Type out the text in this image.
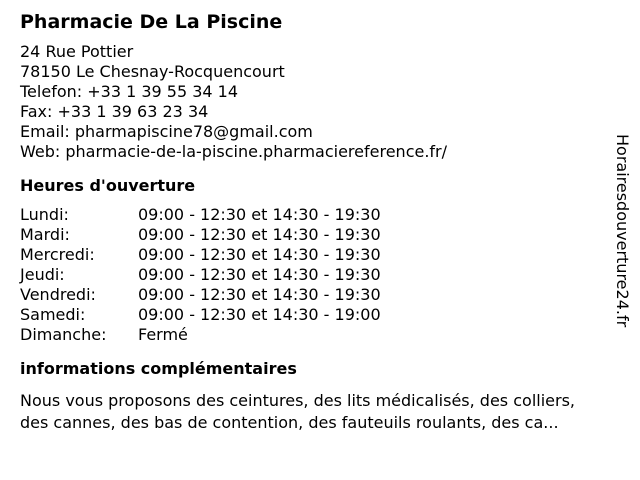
Pharmacie De La Piscine
24 Rue Pottier
78150 Le Chesnay-Rocquencourt
Telefon: +33 1 39 55 34 14
Fax: +33 1 39 63 23 34
Email: pharmapiscine78@gmail.com
Web: pharmacie-de-la-piscine.pharmaciereference.fr/
Heures d'ouverture
Lundi:	09:00 - 12:30 et 14:30 - 19:30
Mardi:	09:00 - 12:30 et 14:30 - 19:30
Mercredi:	09:00 - 12:30 et 14:30 - 19:30
Jeudi:	09:00 - 12:30 et 14:30 - 19:30
Vendredi:	09:00 - 12:30 et 14:30 - 19:30
Samedi:	09:00 - 12:30 et 14:30 - 19:00
Dimanche:	Fermé
informations complémentaires
Nous vous proposons des ceintures, des lits médicalisés, des colliers,
des cannes, des bas de contention, des fauteuils roulants, des ca...
Horairesdouverture24.fr
